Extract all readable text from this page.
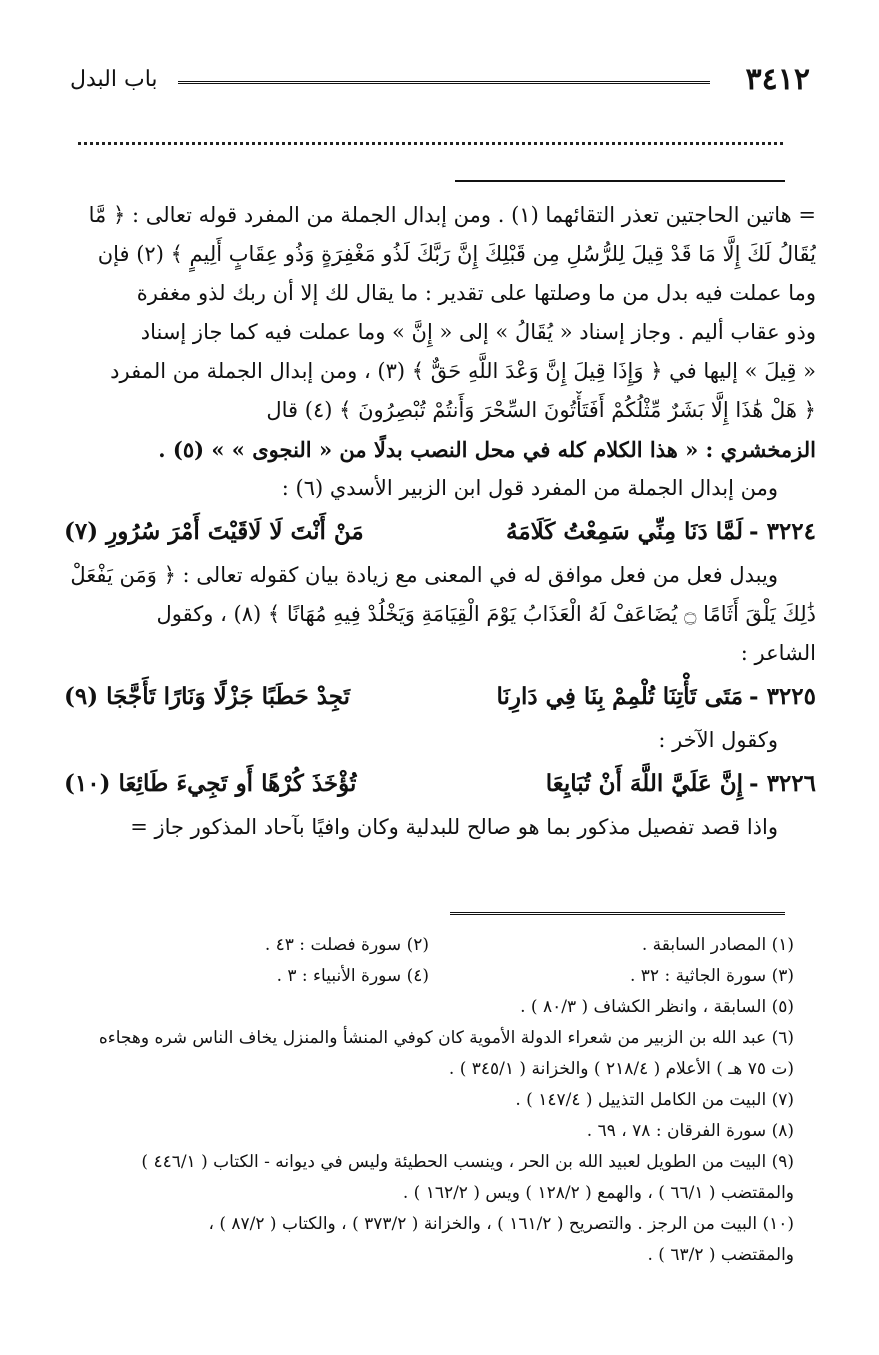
٣٤١٢
باب البدل

= هاتين الحاجتين تعذر التقائهما (١) . ومن إبدال الجملة من المفرد قوله تعالى : ﴿ مَّا
يُقَالُ لَكَ إِلَّا مَا قَدْ قِيلَ لِلرُّسُلِ مِن قَبْلِكَ إِنَّ رَبَّكَ لَذُو مَغْفِرَةٍ وَذُو عِقَابٍ أَلِيمٍ ﴾ (٢) فإن
وما عملت فيه بدل من ما وصلتها على تقدير : ما يقال لك إلا أن ربك لذو مغفرة
وذو عقاب أليم . وجاز إسناد « يُقَالُ » إلى « إِنَّ » وما عملت فيه كما جاز إسناد
« قِيلَ » إليها في ﴿ وَإِذَا قِيلَ إِنَّ وَعْدَ اللَّهِ حَقٌّ ﴾ (٣) ، ومن إبدال الجملة من المفرد
﴿ هَلْ هَٰذَا إِلَّا بَشَرٌ مِّثْلُكُمْ أَفَتَأْتُونَ السِّحْرَ وَأَنتُمْ تُبْصِرُونَ ﴾ (٤) قال
الزمخشري : « هذا الكلام كله في محل النصب بدلًا من « النجوى » » (٥) .

ومن إبدال الجملة من المفرد قول ابن الزبير الأسدي (٦) :

٣٢٢٤ -لَمَّا دَنَا مِنِّي سَمِعْتُ كَلَامَهُ
مَنْ أَنْتَ لَا لَاقَيْتَ أَمْرَ سُرُورِ (٧)

ويبدل فعل من فعل موافق له في المعنى مع زيادة بيان كقوله تعالى : ﴿ وَمَن يَفْعَلْ
ذَٰلِكَ يَلْقَ أَثَامًا ۝ يُضَاعَفْ لَهُ الْعَذَابُ يَوْمَ الْقِيَامَةِ وَيَخْلُدْ فِيهِ مُهَانًا ﴾ (٨) ، وكقول
الشاعر :

٣٢٢٥ -مَتَى تَأْتِنَا تُلْمِمْ بِنَا فِي دَارِنَا
تَجِدْ حَطَبًا جَزْلًا وَنَارًا تَأَجَّجَا (٩)

وكقول الآخر :

٣٢٢٦ -إِنَّ عَلَيَّ اللَّهَ أَنْ تُبَايِعَا
تُؤْخَذَ كُرْهًا أَو تَجِيءَ طَائِعَا (١٠)

واذا قصد تفصيل مذكور بما هو صالح للبدلية وكان وافيًا بآحاد المذكور جاز =

(١) المصادر السابقة .
(٢) سورة فصلت : ٤٣ .
(٣) سورة الجاثية : ٣٢ .
(٤) سورة الأنبياء : ٣ .
(٥) السابقة ، وانظر الكشاف ( ٨٠/٣ ) .
(٦) عبد الله بن الزبير من شعراء الدولة الأموية كان كوفي المنشأ والمنزل يخاف الناس شره وهجاءه
(ت ٧٥ هـ ) الأعلام ( ٢١٨/٤ ) والخزانة ( ٣٤٥/١ ) .
(٧) البيت من الكامل التذييل ( ١٤٧/٤ ) .
(٨) سورة الفرقان : ٧٨ ، ٦٩ .
(٩) البيت من الطويل لعبيد الله بن الحر ، وينسب الحطيئة وليس في ديوانه - الكتاب ( ٤٤٦/١ )
والمقتضب ( ٦٦/١ ) ، والهمع ( ١٢٨/٢ ) ويس ( ١٦٢/٢ ) .
(١٠) البيت من الرجز . والتصريح ( ١٦١/٢ ) ، والخزانة ( ٣٧٣/٢ ) ، والكتاب ( ٨٧/٢ ) ،
والمقتضب ( ٦٣/٢ ) .
